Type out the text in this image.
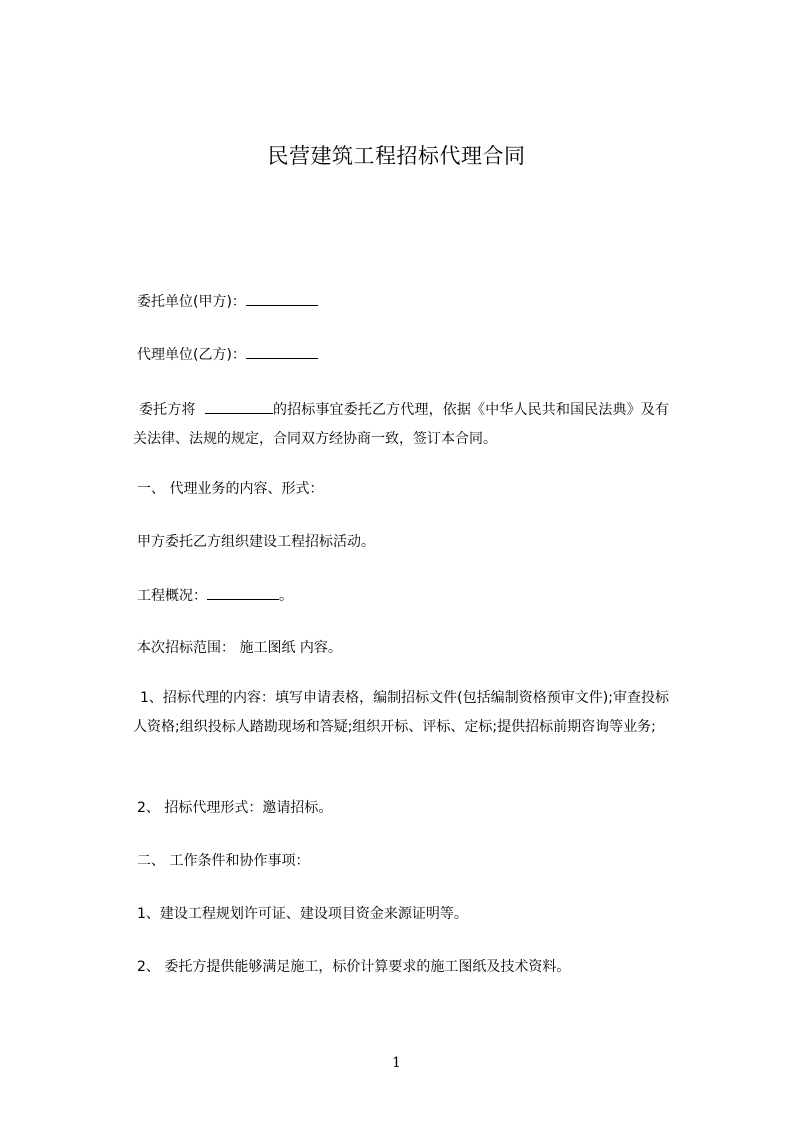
民营建筑工程招标代理合同
委托单位(甲方)：
代理单位(乙方)：
委托方将	的招标事宜委托乙方代理，依据《中华人民共和国民法典》及有关法律、法规的规定，合同双方经协商一致，签订本合同。
一、 代理业务的内容、形式：
甲方委托乙方组织建设工程招标活动。
工程概况：	。
本次招标范围： 施工图纸 内容。
1、招标代理的内容：填写申请表格，编制招标文件(包括编制资格预审文件);审查投标人资格;组织投标人踏勘现场和答疑;组织开标、评标、定标;提供招标前期咨询等业务;
2、 招标代理形式：邀请招标。
二、 工作条件和协作事项：
1、建设工程规划许可证、建设项目资金来源证明等。
2、 委托方提供能够满足施工，标价计算要求的施工图纸及技术资料。
1
